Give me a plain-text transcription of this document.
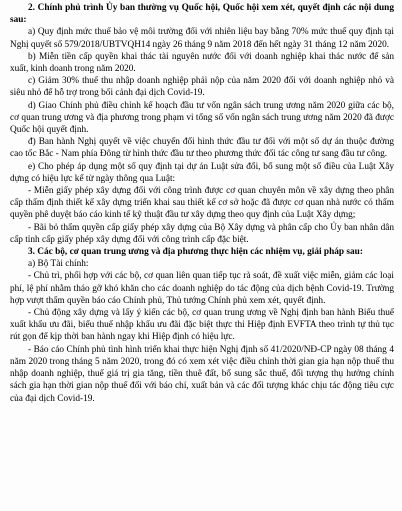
2. Chính phủ trình Ủy ban thường vụ Quốc hội, Quốc hội xem xét, quyết định các nội dung sau:

a) Quy định mức thuế bảo vệ môi trường đối với nhiên liệu bay bằng 70% mức thuế quy định tại Nghị quyết số 579/2018/UBTVQH14 ngày 26 tháng 9 năm 2018 đến hết ngày 31 tháng 12 năm 2020.

b) Miễn tiền cấp quyền khai thác tài nguyên nước đối với doanh nghiệp khai thác nước để sản xuất, kinh doanh trong năm 2020.

c) Giảm 30% thuế thu nhập doanh nghiệp phải nộp của năm 2020 đối với doanh nghiệp nhỏ và siêu nhỏ để hỗ trợ trong bối cảnh đại dịch Covid-19.

d) Giao Chính phủ điều chỉnh kế hoạch đầu tư vốn ngân sách trung ương năm 2020 giữa các bộ, cơ quan trung ương và địa phương trong phạm vi tổng số vốn ngân sách trung ương năm 2020 đã được Quốc hội quyết định.

đ) Ban hành Nghị quyết về việc chuyển đổi hình thức đầu tư đối với một số dự án thuộc đường cao tốc Bắc - Nam phía Đông từ hình thức đầu tư theo phương thức đối tác công tư sang đầu tư công.

e) Cho phép áp dụng một số quy định tại dự án Luật sửa đổi, bổ sung một số điều của Luật Xây dựng có hiệu lực kể từ ngày thông qua Luật:

- Miễn giấy phép xây dựng đối với công trình được cơ quan chuyên môn về xây dựng theo phân cấp thẩm định thiết kế xây dựng triển khai sau thiết kế cơ sở hoặc đã được cơ quan nhà nước có thẩm quyền phê duyệt báo cáo kinh tế kỹ thuật đầu tư xây dựng theo quy định của Luật Xây dựng;

- Bãi bỏ thẩm quyền cấp giấy phép xây dựng của Bộ Xây dựng và phân cấp cho Ủy ban nhân dân cấp tỉnh cấp giấy phép xây dựng đối với công trình cấp đặc biệt.

3. Các bộ, cơ quan trung ương và địa phương thực hiện các nhiệm vụ, giải pháp sau:

a) Bộ Tài chính:

- Chủ trì, phối hợp với các bộ, cơ quan liên quan tiếp tục rà soát, đề xuất việc miễn, giảm các loại phí, lệ phí nhằm tháo gỡ khó khăn cho các doanh nghiệp do tác động của dịch bệnh Covid-19. Trường hợp vượt thẩm quyền báo cáo Chính phủ, Thủ tướng Chính phủ xem xét, quyết định.

- Chủ động xây dựng và lấy ý kiến các bộ, cơ quan trung ương về Nghị định ban hành Biểu thuế xuất khẩu ưu đãi, biểu thuế nhập khẩu ưu đãi đặc biệt thực thi Hiệp định EVFTA theo trình tự thủ tục rút gọn để kịp thời ban hành ngay khi Hiệp định có hiệu lực.

- Báo cáo Chính phủ tình hình triển khai thực hiện Nghị định số 41/2020/NĐ-CP ngày 08 tháng 4 năm 2020 trong tháng 5 năm 2020, trong đó có xem xét việc điều chỉnh thời gian gia hạn nộp thuế thu nhập doanh nghiệp, thuế giá trị gia tăng, tiền thuê đất, bổ sung sắc thuế, đối tượng thụ hưởng chính sách gia hạn thời gian nộp thuế đối với báo chí, xuất bản và các đối tượng khác chịu tác động tiêu cực của đại dịch Covid-19.
